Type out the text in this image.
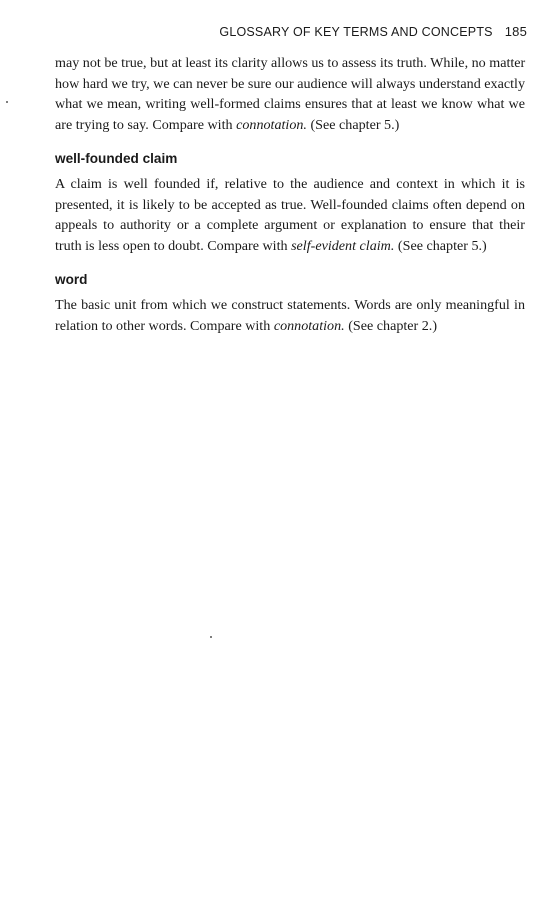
GLOSSARY OF KEY TERMS AND CONCEPTS 185

may not be true, but at least its clarity allows us to assess its truth. While, no matter
how hard we try, we can never be sure our audience will always understand exactly
what we mean, writing well-formed claims ensures that at least we know what we
are trying to say. Compare with connotation. (See chapter 5.)

well-founded claim

A claim is well founded if, relative to the audience and context in which it is
presented, it is likely to be accepted as true. Well-founded claims often depend on
appeals to authority or a complete argument or explanation to ensure that their
truth is less open to doubt. Compare with self-evident claim. (See chapter 5.)

word

The basic unit from which we construct statements. Words are only meaningful in
relation to other words. Compare with connotation. (See chapter 2.)
